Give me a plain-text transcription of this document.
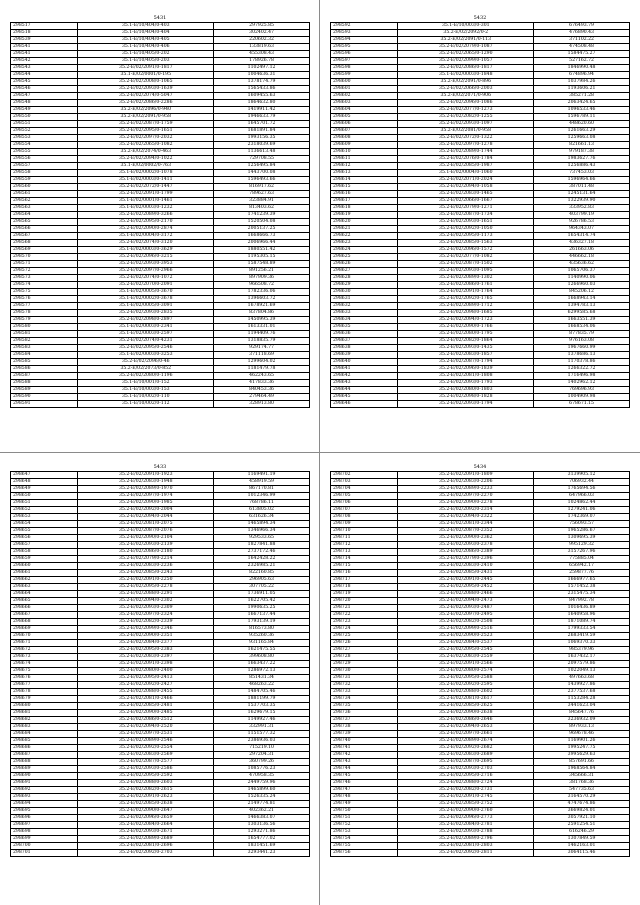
5431
298517	35.1-E/10/404/0-403	297925.85
298518	35.1-E/10/404/0-404	302402.47
298539	35.1-E/10/404/0-405	220602.32
298541	35.1-E/10/404/0-406	133819.63
298541	35.1-E/10/405/0-202	455308.43
298542	35.1-E/10/405/0-203	178926.78
298543	35.2-E/02/2091/0-1817	1102497.12
298544	35.1-E/02/0001/0-195	1004636.31
298545	35.2-E/02/2008/0-1065	1378174.79
298546	35.2-E/02/2093/0-1639	1565433.86
298547	35.2-E/02/2074/0-5047	1609455.63
298548	35.2-E/02/2086/0-2286	1864632.80
298549	35.2-E/02/2096/0-940	1419911.42
298550	35.2-E/02/2091/0-958	1946633.79
298551	35.2-E/02/2087/0-1759	1645701.72
298552	35.2-E/02/2095/0-1651	1681891.84
298553	35.2-E/02/2097/0-2032	1993156.35
298554	35.2-E/02/2065/0-1082	2318039.69
298555	35.2-E/02/2074/0-463	1136613.48
298556	35.2-E/02/2094/0-1022	729708.55
298557	35.1-E/02/0002/0-763	1256495.84
298558	35.1-E/02/0002/0-1078	1443700.08
298559	35.1-E/02/0003/0-1411	1596493.66
298560	35.2-E/02/2072/0-1447	816917.62
298561	35.2-E/02/2091/0-1799	789627.63
298562	35.1-E/02/0001/0-1461	323884.91
298563	35.1-E/02/0003/0-1232	813403.62
298564	35.2-E/02/2089/0-3266	1741239.39
298565	35.2-E/02/2095/0-2170	1520504.08
298566	35.2-E/02/2090/0-2874	2005137.25
298567	35.1-E/02/0004/0-3172	1668666.73
298568	35.2-E/02/2074/0-3120	2006966.44
298569	35.1-E/02/0003/0-3629	1880551.42
298570	35.2-E/02/2096/0-3215	1195305.15
298571	35.2-E/02/2093/0-3953	1587548.89
298572	35.2-E/02/2097/0-2966	891256.21
298573	35.2-E/02/2074/0-1072	897909.36
298574	35.2-E/02/2070/0-2091	966508.72
298575	35.1-E/02/0005/0-3670	1782336.06
298576	35.1-E/02/0002/0-3678	1396603.72
298577	35.1-E/02/0005/0-3091	1678921.69
298578	35.2-E/02/2093/0-2835	837804.86
298579	35.2-E/02/2098/0-2897	1450995.39
298580	35.1-E/02/0003/0-2341	1613331.01
298581	35.1-E/02/0003/0-2597	1194409.76
298582	35.2-E/02/2074/0-4231	1318835.79
298583	35.2-E/02/2095/0-2546	929174.77
298584	35.1-E/02/0003/0-3253	371118.69
298585	35.2-E/02/2096/0-46	1299604.02
298586	35.2-E/02/2073/0-852	1181479.78
298587	35.2-E/02/2080/0-1196	462243.65
298588	35.1-E/10/001/0-152	417833.36
298589	35.1-E/10/003/0-153	840453.36
298590	35.1-E/10/002/0-110	279464.49
298591	35.1-E/10/002/0-112	328913.80
5432
298592	35.1-E/10/003/0-301	676493.79
298593	35.2-E/02/2092/0-2	476890.43
298594	35.2-E/02/2091/0-113	371102.22
298595	35.2-E/02/2079/0-1087	474508.48
298596	35.2-E/02/2065/0-1290	1584475.27
298597	35.2-E/02/2099/0-1057	527162.72
298598	35.2-E/02/2086/0-1817	1846990.48
298599	35.1-E/02/0003/0-1848	674896.94
298600	35.2-E/02/2091/0-896	1037984.26
298601	35.2-E/02/2066/0-2003	1193606.21
298602	35.2-E/02/2071/0-906	385271.28
298603	35.2-E/02/2096/0-1086	2063424.65
298604	35.2-E/02/2077/0-1273	1096533.46
298605	35.2-E/02/2082/0-1255	1596789.11
298606	35.2-E/02/2093/0-1097	448620.60
298607	35.2-E/02/2081/0-958	1261663.29
298608	35.2-E/02/2072/0-1322	1259663.08
298609	35.2-E/02/2097/0-1278	821661.13
298610	35.2-E/02/2089/0-1744	979187.38
298611	35.2-E/02/2076/0-1784	1983627.76
298612	35.2-E/02/2085/0-1987	1256886.43
298613	35.1-E/02/0004/0-1060	737453.03
298614	35.2-E/02/2071/0-2024	1596964.66
298615	35.2-E/02/2094/0-1058	387011.48
298616	35.2-E/02/2083/0-1465	1245131.64
298617	35.2-E/02/2066/0-1667	1322939.90
298618	35.2-E/02/2079/0-1271	333952.83
298619	35.2-E/02/2087/0-1734	403799.19
298620	35.2-E/02/2093/0-1651	926786.53
298621	35.2-E/02/2092/0-1050	964343.07
298622	35.2-E/02/2095/0-1173	1654314.74
298623	35.2-E/02/2085/0-1563	436327.18
298624	35.2-E/02/2096/0-1572	261663.06
298625	35.2-E/02/2077/0-1082	446662.18
298626	35.2-E/02/2087/0-1502	435636.62
298627	35.2-E/02/2093/0-1095	1065706.37
298628	35.2-E/02/2089/0-1302	1140990.06
298629	35.2-E/02/2086/0-1761	1266960.03
298630	35.2-E/02/2091/0-1764	845206.12
298631	35.2-E/02/2092/0-1765	1668943.14
298632	35.2-E/02/2089/0-1712	1394783.13
298633	35.2-E/02/2098/0-1685	6299585.68
298634	35.2-E/02/2094/0-1723	1663551.39
298635	35.2-E/02/2090/0-1766	1668534.06
298636	35.2-E/02/2080/0-1795	877835.79
298637	35.2-E/02/2082/0-1864	976163.08
298638	35.2-E/02/2093/0-1435	1967660.99
298639	35.2-E/02/2083/0-1857	1378686.13
298640	35.2-E/02/2087/0-1794	1170378.86
298641	35.2-E/02/2096/0-1839	1266322.72
298642	35.2-E/02/2081/0-1808	1716496.98
298643	35.2-E/02/2093/0-1793	1402962.12
298644	35.2-E/02/2080/0-1803	769696.93
298645	35.2-E/02/2098/0-1828	1004909.98
298646	35.2-E/02/2093/0-1794	678671.15
5433
298647	35.2-E/02/2091/0-1923	1169491.19
298648	35.2-E/02/2083/0-1948	458919.59
298649	35.2-E/02/2089/0-1970	867170.81
298650	35.2-E/02/2097/0-1974	1012346.99
298651	35.2-E/02/2090/0-1985	768786.11
298652	35.2-E/02/2092/0-2004	613805.02
298653	35.2-E/02/2094/0-2044	631626.34
298654	35.2-E/02/2081/0-2075	1465894.34
298655	35.2-E/02/2087/0-2076	1346966.34
298656	35.2-E/02/2090/0-2104	929533.65
298657	35.2-E/02/2093/0-2139	1827841.88
298658	35.2-E/02/2086/0-2180	2737172.46
298659	35.2-E/02/2079/0-2214	1642428.22
298660	35.2-E/02/2083/0-2236	2326985.21
298661	35.2-E/02/2085/0-2243	822160.85
298662	35.2-E/02/2091/0-2250	296905.63
298663	35.2-E/02/2095/0-2278	307705.22
298664	35.2-E/02/2088/0-2291	1736911.05
298665	35.2-E/02/2094/0-2302	1622705.42
298666	35.2-E/02/2093/0-2309	1990635.25
298667	35.2-E/02/2097/0-2324	1667137.44
298668	35.2-E/02/2082/0-2339	1793139.19
298669	35.2-E/02/2099/0-2346	816573.80
298670	35.2-E/02/2090/0-2351	935260.36
298671	35.2-E/02/2084/0-2377	931165.84
298672	35.2-E/02/2095/0-2383	1621475.55
298673	35.2-E/02/2083/0-2397	399608.80
298674	35.2-E/02/2091/0-2398	1663437.22
298675	35.2-E/02/2080/0-2400	1286972.13
298676	35.2-E/02/2095/0-2413	851431.34
298677	35.2-E/02/2092/0-2427	468263.22
298678	35.2-E/02/2088/0-2455	1484705.46
298679	35.2-E/02/2081/0-2466	1881199.79
298680	35.2-E/02/2085/0-2481	1537703.35
298681	35.2-E/02/2090/0-2485	1629679.15
298682	35.2-E/02/2086/0-2512	1149927.46
298683	35.2-E/02/2094/0-2520	332991.31
298684	35.2-E/02/2097/0-2531	1151577.32
298685	35.2-E/02/2089/0-2546	2386936.03
298686	35.2-E/02/2092/0-2554	715219.10
298687	35.2-E/02/2083/0-2569	297204.31
298688	35.2-E/02/2087/0-2577	360799.26
298689	35.2-E/02/2093/0-2586	1085776.23
298690	35.2-E/02/2095/0-2592	470958.35
298691	35.2-E/02/2088/0-2603	2449759.96
298692	35.2-E/02/2082/0-2615	1465899.60
298693	35.2-E/02/2091/0-2623	1526335.24
298694	35.2-E/02/2085/0-2638	2149774.81
298695	35.2-E/02/2090/0-2647	402362.21
298696	35.2-E/02/2096/0-2659	1466383.07
298697	35.2-E/02/2084/0-2664	1303136.56
298698	35.2-E/02/2093/0-2671	1293271.86
298699	35.2-E/02/2089/0-2689	1654777.02
298700	35.2-E/02/2081/0-2696	1831451.69
298701	35.2-E/02/2092/0-2703	3293441.23
5434
298702	35.2-E/02/2091/0-1809	3139905.12
298703	35.2-E/02/2083/0-2206	706932.44
298704	35.2-E/02/2089/0-2233	1765694.56
298705	35.2-E/02/2097/0-2270	647966.03
298706	35.2-E/02/2090/0-2278	1024862.44
298707	35.2-E/02/2092/0-2314	1279241.06
298708	35.2-E/02/2094/0-2322	1742369.07
298709	35.2-E/02/2081/0-2344	756093.57
298710	35.2-E/02/2087/0-2352	1965286.67
298711	35.2-E/02/2090/0-2362	1309695.39
298712	35.2-E/02/2093/0-2378	995129.32
298713	35.2-E/02/2086/0-2389	3157267.96
298714	35.2-E/02/2079/0-2396	775885.04
298715	35.2-E/02/2083/0-2410	656942.17
298716	35.2-E/02/2085/0-2431	259877.76
298717	35.2-E/02/2091/0-2445	1666977.65
298718	35.2-E/02/2095/0-2452	1571452.38
298719	35.2-E/02/2088/0-2466	2315475.34
298720	35.2-E/02/2094/0-2473	847992.78
298721	35.2-E/02/2093/0-2487	1016436.89
298722	35.2-E/02/2097/0-2495	1640958.96
298723	35.2-E/02/2082/0-2508	1871089.74
298724	35.2-E/02/2099/0-2516	1799333.54
298725	35.2-E/02/2090/0-2523	2683419.59
298726	35.2-E/02/2084/0-2537	1069370.33
298727	35.2-E/02/2095/0-2545	985379.96
298728	35.2-E/02/2083/0-2559	1637432.17
298729	35.2-E/02/2091/0-2566	2097579.86
298730	35.2-E/02/2080/0-2574	1022049.13
298731	35.2-E/02/2095/0-2588	497663.68
298732	35.2-E/02/2092/0-2595	1439927.86
298733	35.2-E/02/2088/0-2602	2377537.68
298734	35.2-E/02/2081/0-2617	1153284.28
298735	35.2-E/02/2085/0-2625	3441623.04
298736	35.2-E/02/2090/0-2638	845647.76
298737	35.2-E/02/2086/0-2646	3236932.09
298738	35.2-E/02/2094/0-2653	897933.13
298739	35.2-E/02/2097/0-2661	969678.46
298740	35.2-E/02/2089/0-2674	1169901.26
298741	35.2-E/02/2092/0-2682	1995247.75
298742	35.2-E/02/2083/0-2689	3995629.63
298743	35.2-E/02/2087/0-2695	857691.66
298744	35.2-E/02/2093/0-2703	1968564.84
298745	35.2-E/02/2095/0-2716	345666.31
298746	35.2-E/02/2088/0-2724	381768.36
298747	35.2-E/02/2082/0-2731	547735.63
298748	35.2-E/02/2091/0-2745	3164570.29
298749	35.2-E/02/2085/0-2752	4747674.86
298750	35.2-E/02/2090/0-2760	3669824.01
298751	35.2-E/02/2096/0-2773	3057921.10
298752	35.2-E/02/2084/0-2781	2591254.51
298753	35.2-E/02/2093/0-2788	616246.29
298754	35.2-E/02/2089/0-2796	1307849.59
298755	35.2-E/02/2081/0-2803	1462163.01
298756	35.2-E/02/2092/0-2811	3064115.46
